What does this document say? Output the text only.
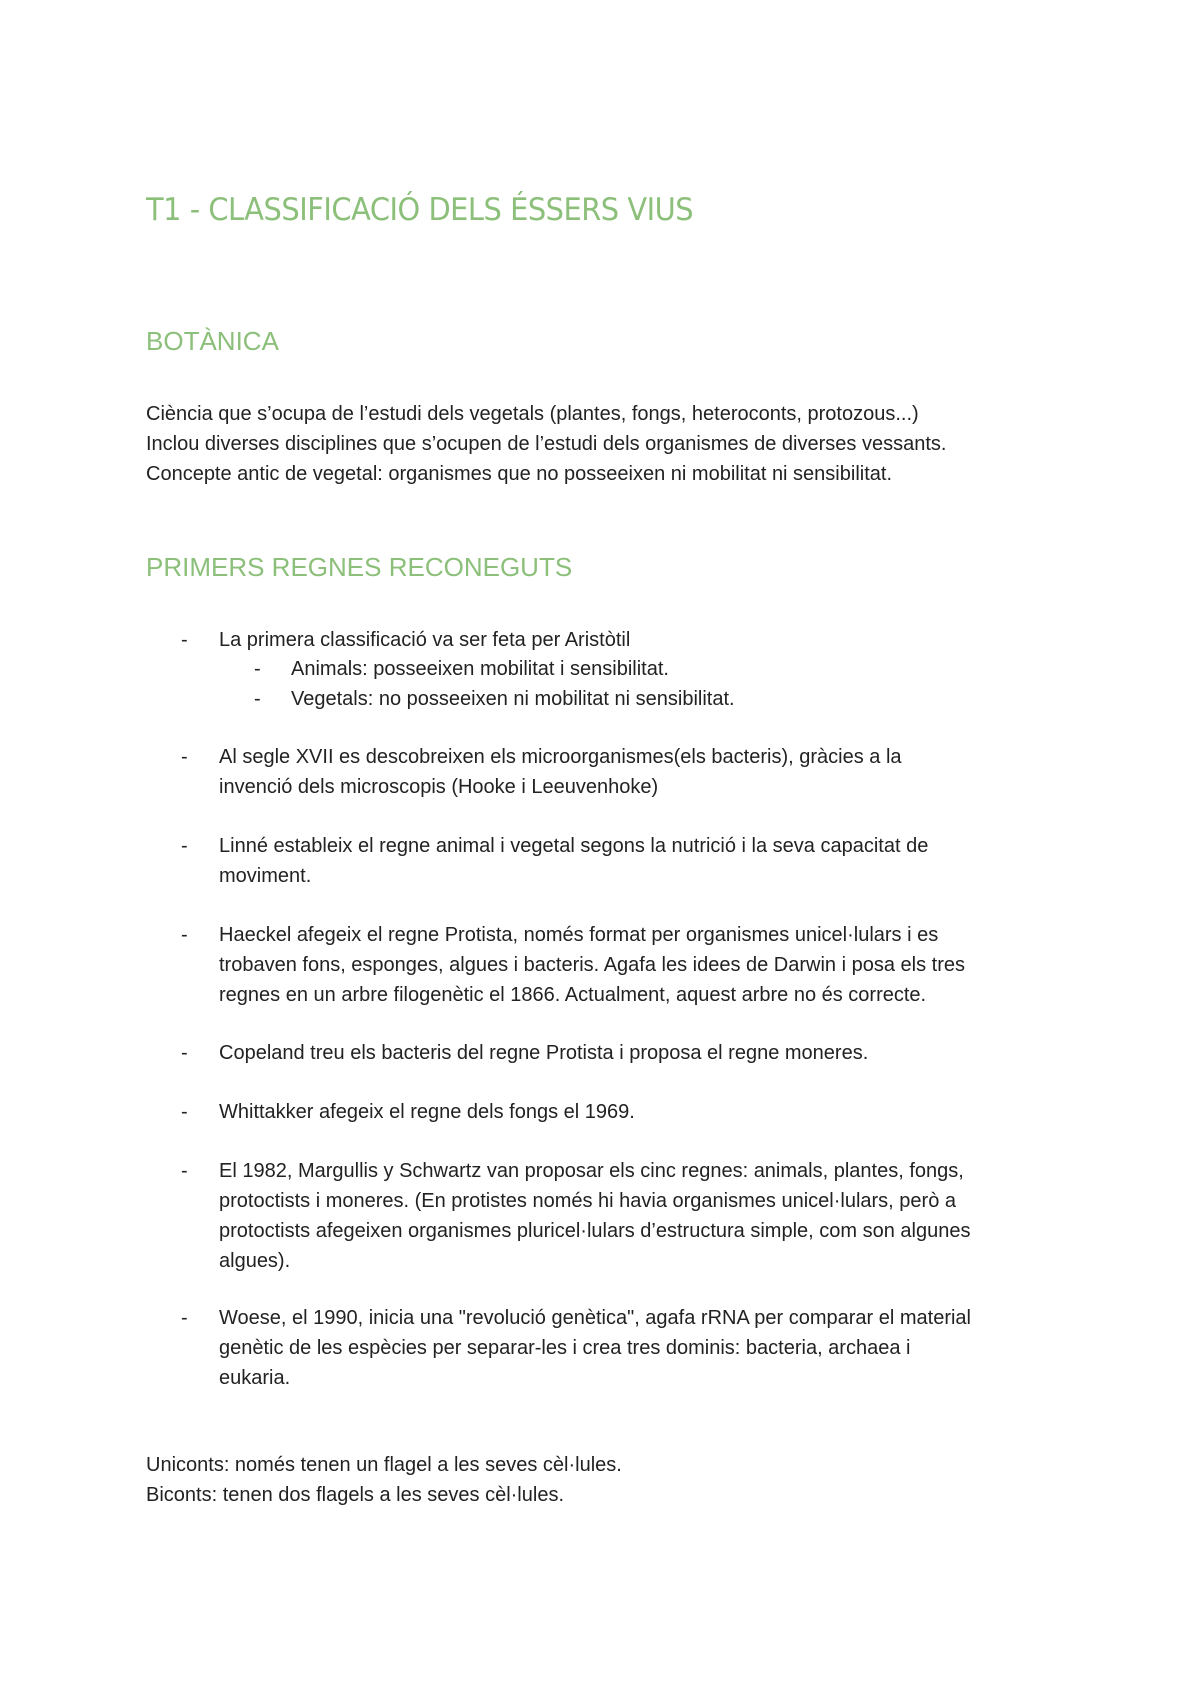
T1 - CLASSIFICACIÓ DELS ÉSSERS VIUS
BOTÀNICA

Ciència que s’ocupa de l’estudi dels vegetals (plantes, fongs, heteroconts, protozous...)
Inclou diverses disciplines que s’ocupen de l’estudi dels organismes de diverses vessants.
Concepte antic de vegetal: organismes que no posseeixen ni mobilitat ni sensibilitat.

PRIMERS REGNES RECONEGUTS
- La primera classificació va ser feta per Aristòtil
- Animals: posseeixen mobilitat i sensibilitat.
- Vegetals: no posseeixen ni mobilitat ni sensibilitat.
- Al segle XVII es descobreixen els microorganismes(els bacteris), gràcies a la
invenció dels microscopis (Hooke i Leeuvenhoke)
- Linné estableix el regne animal i vegetal segons la nutrició i la seva capacitat de
moviment.
- Haeckel afegeix el regne Protista, només format per organismes unicel·lulars i es
trobaven fons, esponges, algues i bacteris. Agafa les idees de Darwin i posa els tres
regnes en un arbre filogenètic el 1866. Actualment, aquest arbre no és correcte.
- Copeland treu els bacteris del regne Protista i proposa el regne moneres.
- Whittakker afegeix el regne dels fongs el 1969.
- El 1982, Margullis y Schwartz van proposar els cinc regnes: animals, plantes, fongs,
protoctists i moneres. (En protistes només hi havia organismes unicel·lulars, però a
protoctists afegeixen organismes pluricel·lulars d’estructura simple, com son algunes
algues).
- Woese, el 1990, inicia una "revolució genètica", agafa rRNA per comparar el material
genètic de les espècies per separar-les i crea tres dominis: bacteria, archaea i
eukaria.

Uniconts: només tenen un flagel a les seves cèl·lules.
Biconts: tenen dos flagels a les seves cèl·lules.
